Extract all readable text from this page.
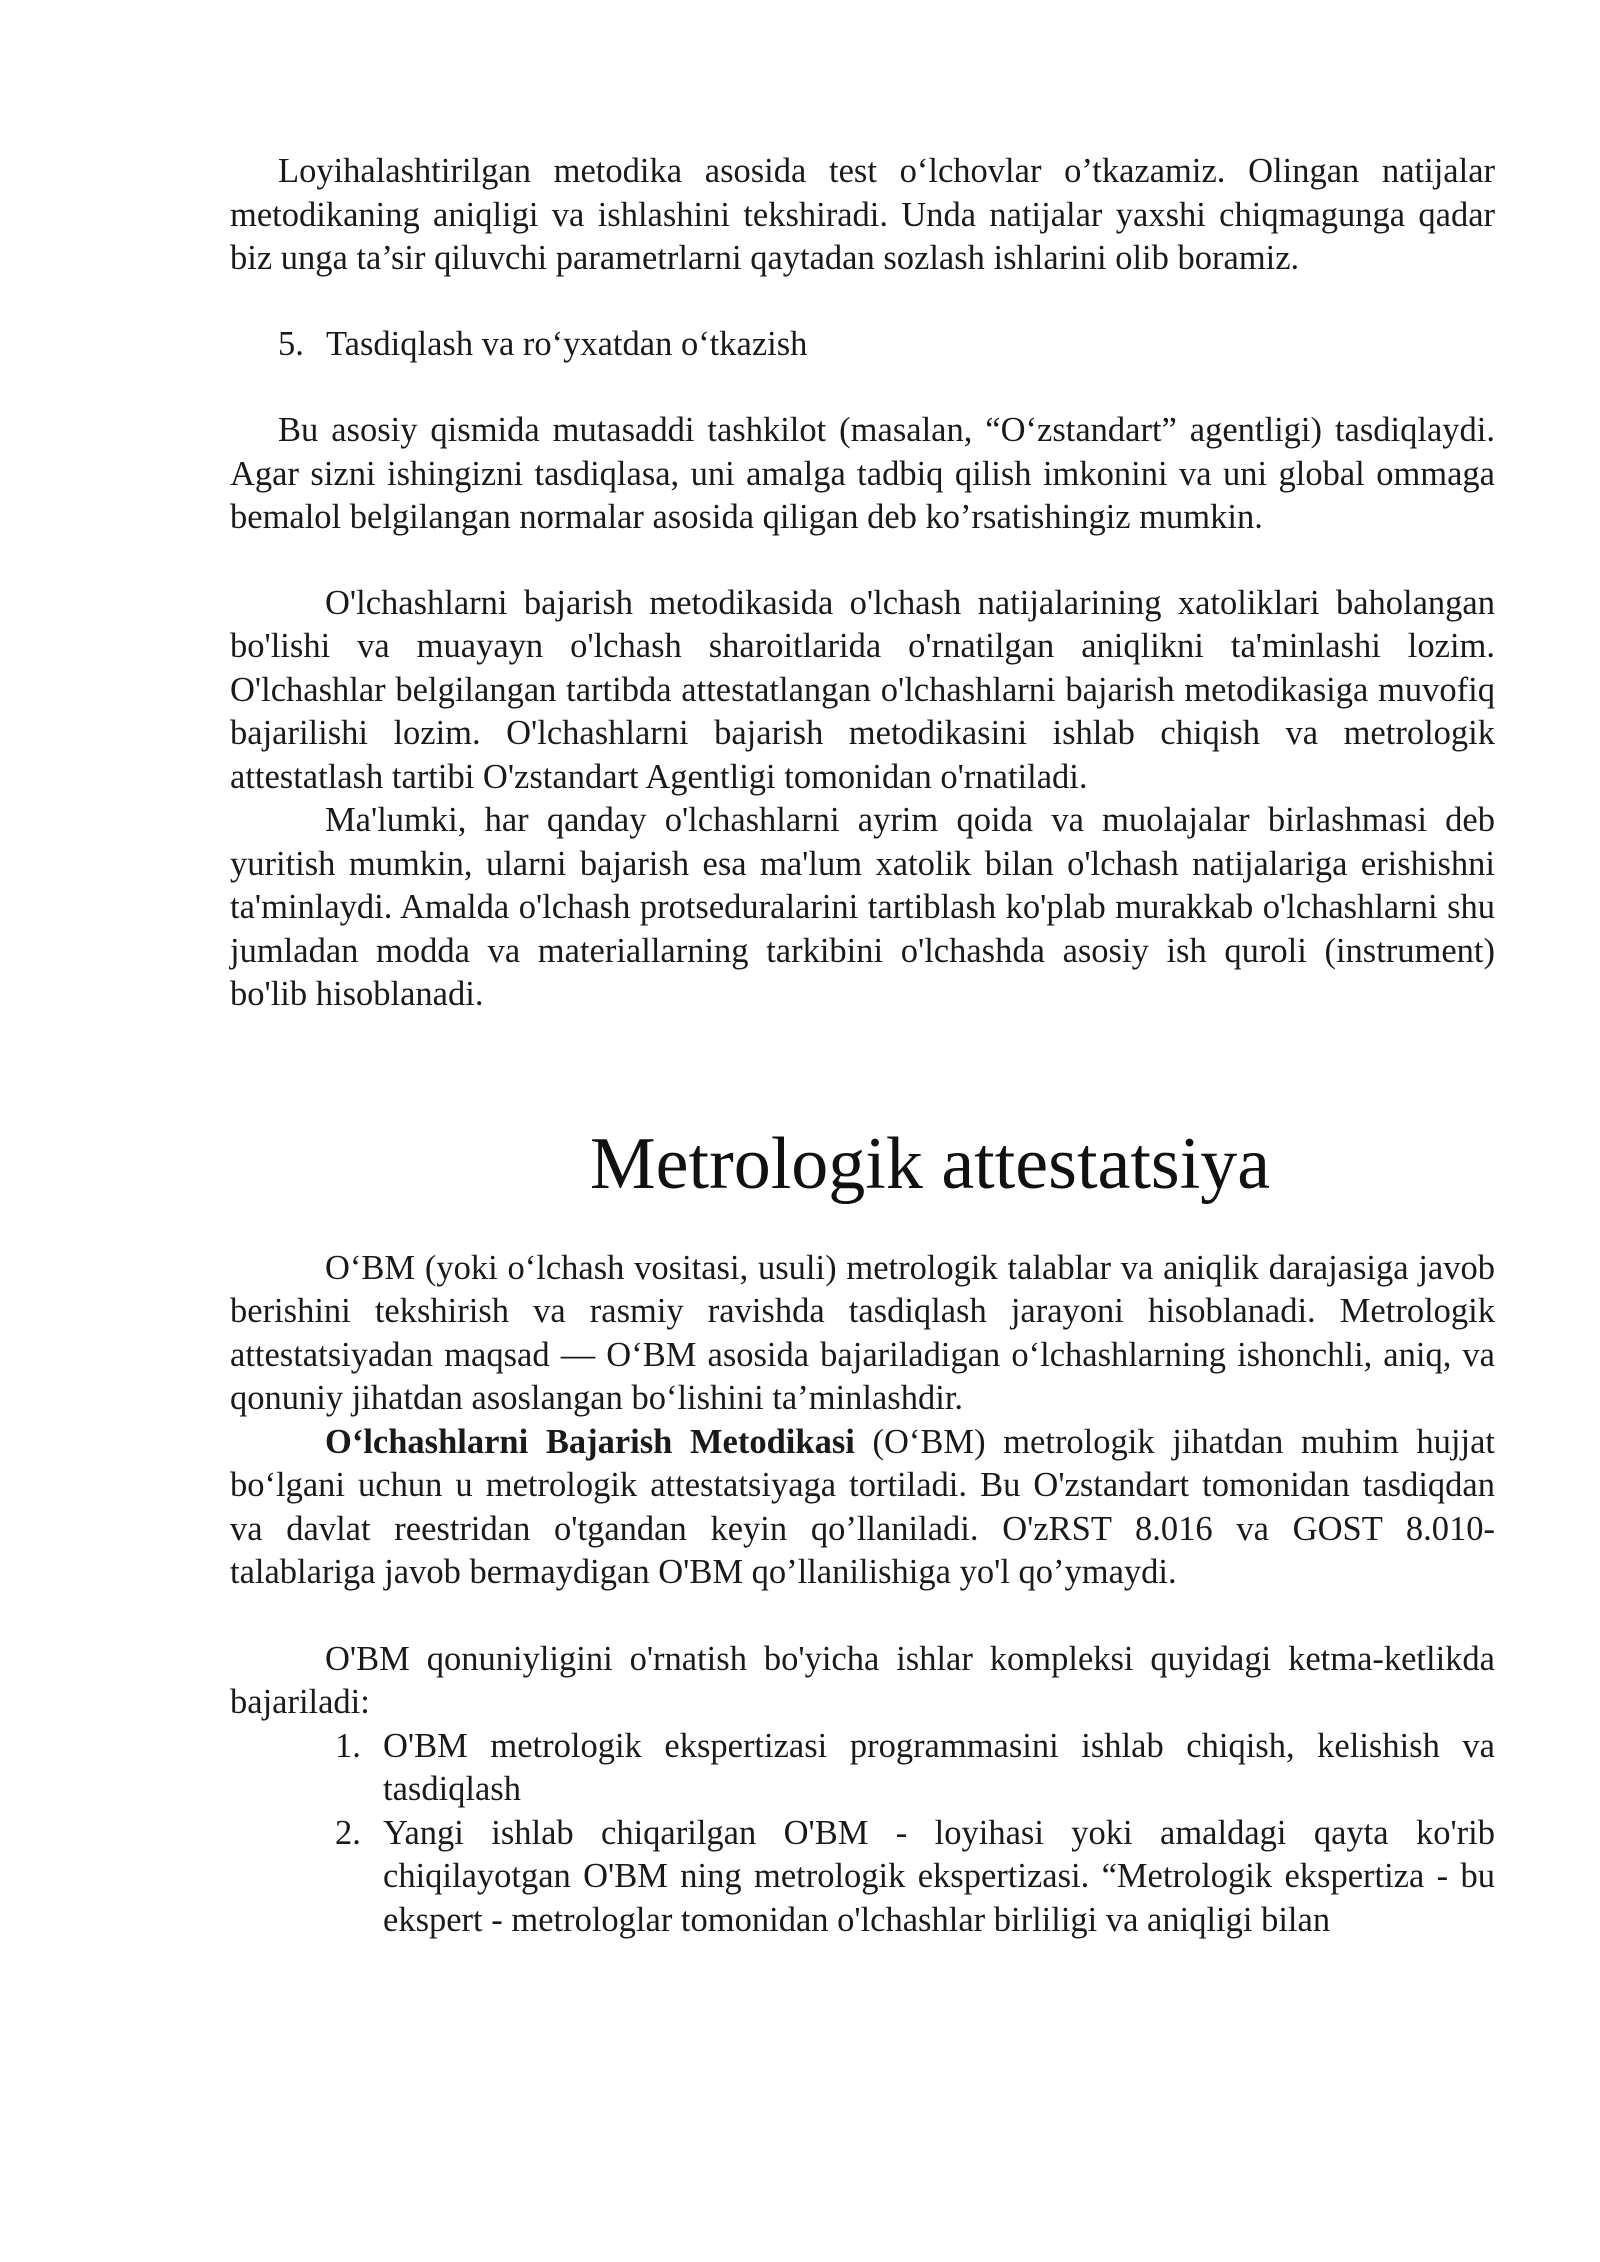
Loyihalashtirilgan metodika asosida test o‘lchovlar o’tkazamiz. Olingan natijalar metodikaning aniqligi va ishlashini tekshiradi. Unda natijalar yaxshi chiqmagunga qadar biz unga ta’sir qiluvchi parametrlarni qaytadan sozlash ishlarini olib boramiz.

5. Tasdiqlash va ro‘yxatdan o‘tkazish

Bu asosiy qismida mutasaddi tashkilot (masalan, “O‘zstandart” agentligi) tasdiqlaydi. Agar sizni ishingizni tasdiqlasa, uni amalga tadbiq qilish imkonini va uni global ommaga bemalol belgilangan normalar asosida qiligan deb ko’rsatishingiz mumkin.

O'lchashlarni bajarish metodikasida o'lchash natijalarining xatoliklari baholangan bo'lishi va muayayn o'lchash sharoitlarida o'rnatilgan aniqlikni ta'minlashi lozim. O'lchashlar belgilangan tartibda attestatlangan o'lchashlarni bajarish metodikasiga muvofiq bajarilishi lozim. O'lchashlarni bajarish metodikasini ishlab chiqish va metrologik attestatlash tartibi O'zstandart Agentligi tomonidan o'rnatiladi.

Ma'lumki, har qanday o'lchashlarni ayrim qoida va muolajalar birlashmasi deb yuritish mumkin, ularni bajarish esa ma'lum xatolik bilan o'lchash natijalariga erishishni ta'minlaydi. Amalda o'lchash protseduralarini tartiblash ko'plab murakkab o'lchashlarni shu jumladan modda va materiallarning tarkibini o'lchashda asosiy ish quroli (instrument) bo'lib hisoblanadi.

Metrologik attestatsiya

O‘BM (yoki o‘lchash vositasi, usuli) metrologik talablar va aniqlik darajasiga javob berishini tekshirish va rasmiy ravishda tasdiqlash jarayoni hisoblanadi. Metrologik attestatsiyadan maqsad — O‘BM asosida bajariladigan o‘lchashlarning ishonchli, aniq, va qonuniy jihatdan asoslangan bo‘lishini ta’minlashdir.

O‘lchashlarni Bajarish Metodikasi (O‘BM) metrologik jihatdan muhim hujjat bo‘lgani uchun u metrologik attestatsiyaga tortiladi. Bu O'zstandart tomonidan tasdiqdan va davlat reestridan o'tgandan keyin qo’llaniladi. O'zRST 8.016 va GOST 8.010- talablariga javob bermaydigan O'BM qo’llanilishiga yo'l qo’ymaydi.

O'BM qonuniyligini o'rnatish bo'yicha ishlar kompleksi quyidagi ketma-ketlikda bajariladi:

1. O'BM metrologik ekspertizasi programmasini ishlab chiqish, kelishish va tasdiqlash
2. Yangi ishlab chiqarilgan O'BM - loyihasi yoki amaldagi qayta ko'rib chiqilayotgan O'BM ning metrologik ekspertizasi. “Metrologik ekspertiza - bu ekspert - metrologlar tomonidan o'lchashlar birliligi va aniqligi bilan
